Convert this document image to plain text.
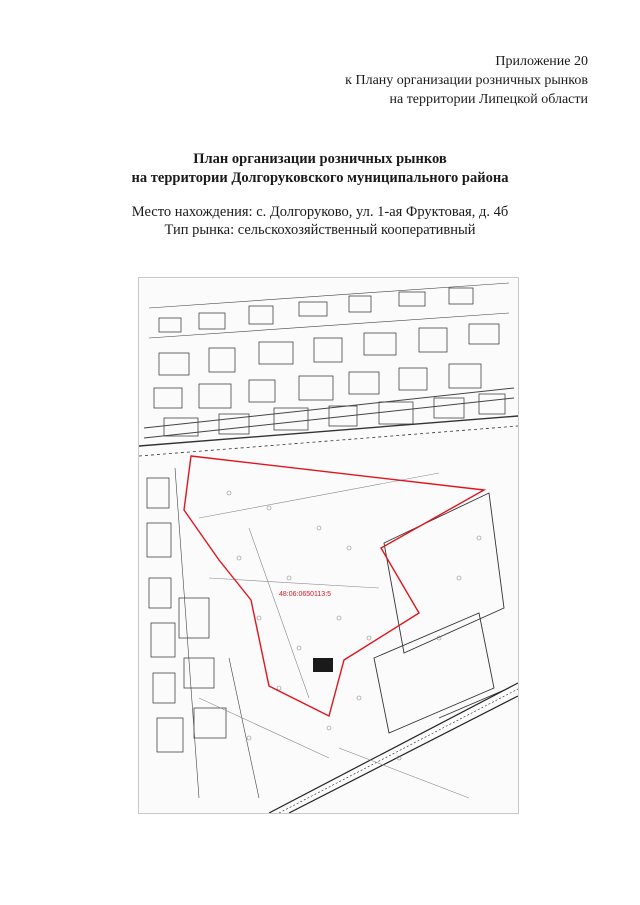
Приложение 20
к Плану организации розничных рынков
на территории Липецкой области
План организации розничных рынков
на территории Долгоруковского муниципального района
Место нахождения: с. Долгоруково, ул. 1-ая Фруктовая, д. 4б
Тип рынка: сельскохозяйственный кооперативный
48:06:0650113:5
